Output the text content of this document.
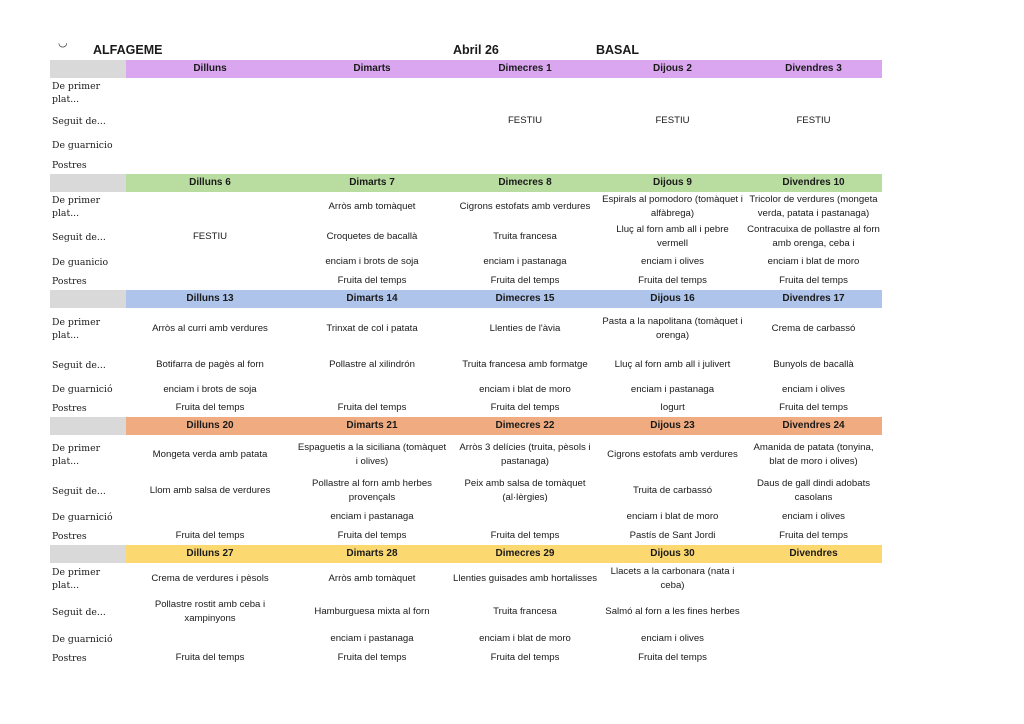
◡ ALFAGEME	Abril 26	BASAL
	Dilluns	Dimarts	Dimecres 1	Dijous 2	Divendres 3
De primer plat...					
Seguit de...			FESTIU	FESTIU	FESTIU
De guarnicio					
Postres					
	Dilluns 6	Dimarts 7	Dimecres 8	Dijous 9	Divendres 10
De primer plat...		Arròs amb tomàquet	Cigrons estofats amb verdures	Espirals al pomodoro (tomàquet i alfàbrega)	Tricolor de verdures (mongeta verda, patata i pastanaga)
Seguit de...	FESTIU	Croquetes de bacallà	Truita francesa	Lluç al forn amb all i pebre vermell	Contracuixa de pollastre al forn amb orenga, ceba i
De guanicio		enciam i brots de soja	enciam i pastanaga	enciam i olives	enciam i blat de moro
Postres		Fruita del temps	Fruita del temps	Fruita del temps	Fruita del temps
	Dilluns 13	Dimarts 14	Dimecres 15	Dijous 16	Divendres 17
De primer plat...	Arròs al curri amb verdures	Trinxat de col i patata	Llenties de l'àvia	Pasta a la napolitana (tomàquet i orenga)	Crema de carbassó
Seguit de...	Botifarra de pagès al forn	Pollastre al xilindrón	Truita francesa amb formatge	Lluç al forn amb all i julivert	Bunyols de bacallà
De guarnició	enciam i brots de soja		enciam i blat de moro	enciam i pastanaga	enciam i olives
Postres	Fruita del temps	Fruita del temps	Fruita del temps	Iogurt	Fruita del temps
	Dilluns 20	Dimarts 21	Dimecres 22	Dijous 23	Divendres 24
De primer plat...	Mongeta verda amb patata	Espaguetis a la siciliana (tomàquet i olives)	Arròs 3 delícies (truita, pèsols i pastanaga)	Cigrons estofats amb verdures	Amanida de patata (tonyina, blat de moro i olives)
Seguit de...	Llom amb salsa de verdures	Pollastre al forn amb herbes provençals	Peix amb salsa de tomàquet (al·lèrgies)	Truita de carbassó	Daus de gall dindi adobats casolans
De guarnició		enciam i pastanaga		enciam i blat de moro	enciam i olives
Postres	Fruita del temps	Fruita del temps	Fruita del temps	Pastís de Sant Jordi	Fruita del temps
	Dilluns 27	Dimarts 28	Dimecres 29	Dijous 30	Divendres
De primer plat...	Crema de verdures i pèsols	Arròs amb tomàquet	Llenties guisades amb hortalisses	Llacets a la carbonara (nata i ceba)	
Seguit de...	Pollastre rostit amb ceba i xampinyons	Hamburguesa mixta al forn	Truita francesa	Salmó al forn a les fines herbes	
De guarnició		enciam i pastanaga	enciam i blat de moro	enciam i olives	
Postres	Fruita del temps	Fruita del temps	Fruita del temps	Fruita del temps	
